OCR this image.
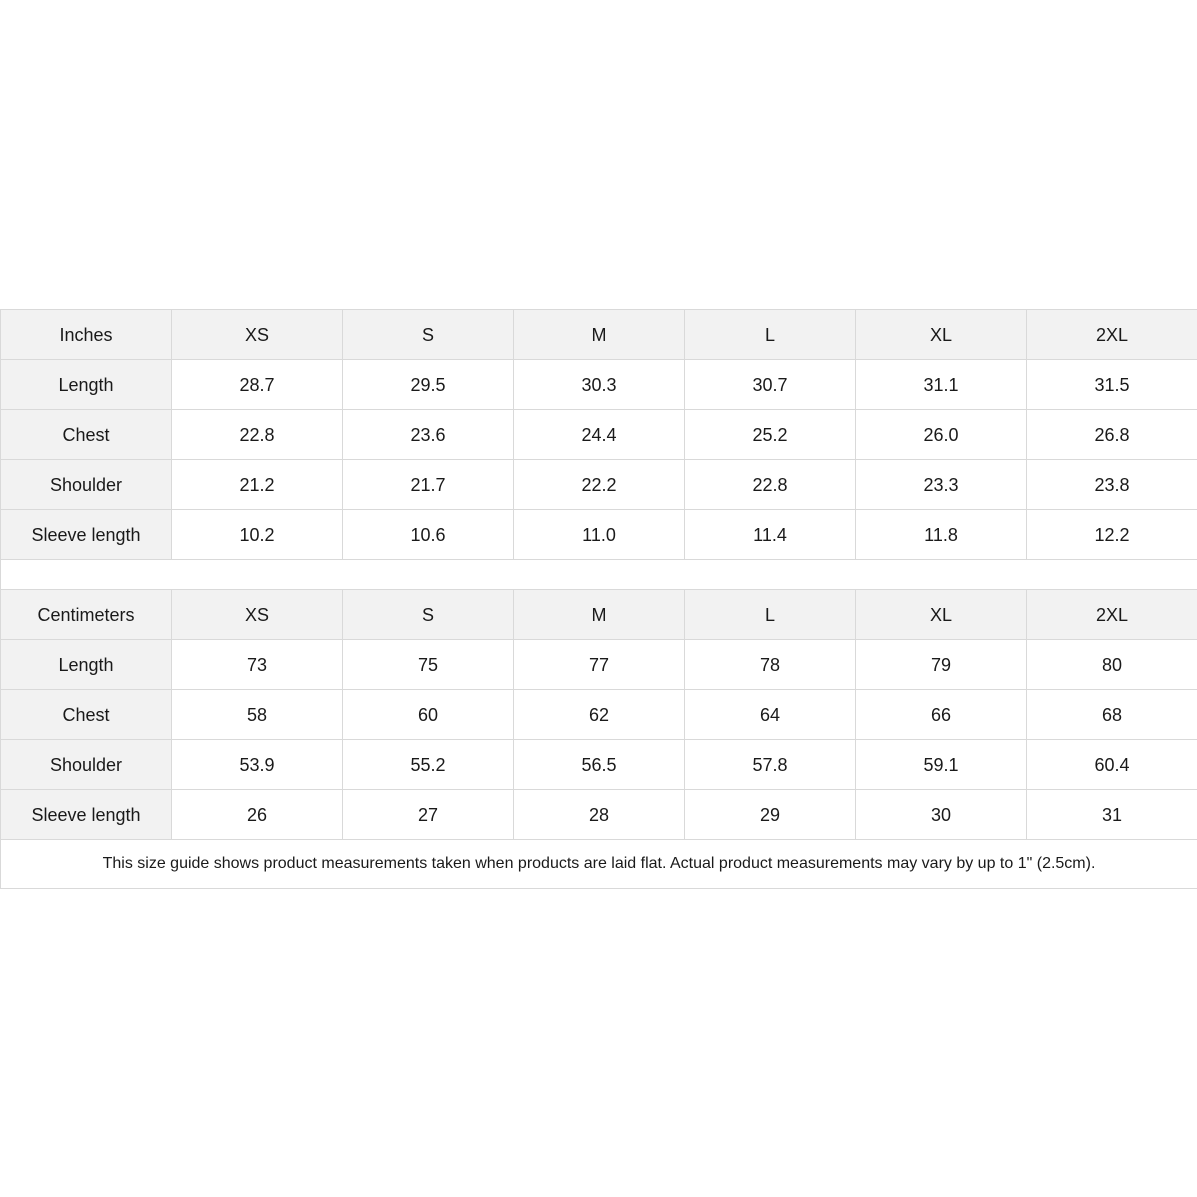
Inches	XS	S	M	L	XL	2XL
Length	28.7	29.5	30.3	30.7	31.1	31.5
Chest	22.8	23.6	24.4	25.2	26.0	26.8
Shoulder	21.2	21.7	22.2	22.8	23.3	23.8
Sleeve length	10.2	10.6	11.0	11.4	11.8	12.2

Centimeters	XS	S	M	L	XL	2XL
Length	73	75	77	78	79	80
Chest	58	60	62	64	66	68
Shoulder	53.9	55.2	56.5	57.8	59.1	60.4
Sleeve length	26	27	28	29	30	31
This size guide shows product measurements taken when products are laid flat. Actual product measurements may vary by up to 1" (2.5cm).						
